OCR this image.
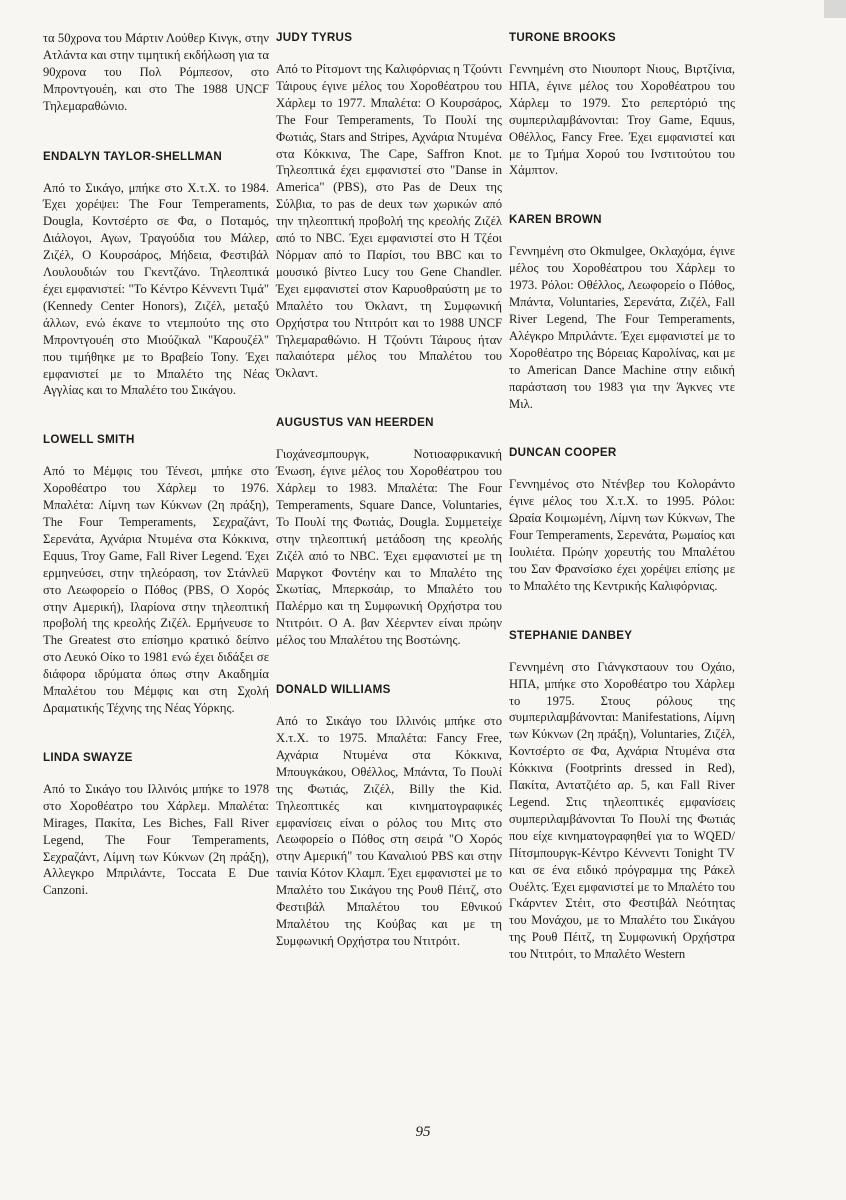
τα 50χρονα του Μάρτιν Λούθερ Κινγκ, στην Ατλάντα και στην τιμητική εκδήλωση για τα 90χρονα του Πολ Ρόμπεσον, στο Μπροντγουέη, και στο The 1988 UNCF Τηλεμαραθώνιο.

ENDALYN TAYLOR-SHELLMAN

Από το Σικάγο, μπήκε στο Χ.τ.Χ. το 1984. Έχει χορέψει: The Four Temperaments, Dougla, Κοντσέρτο σε Φα, ο Ποταμός, Διάλογοι, Αγων, Τραγούδια του Μάλερ, Ζιζέλ, Ο Κουρσάρος, Μήδεια, Φεστιβάλ Λουλουδιών του Γκεντζάνο. Τηλεοπτικά έχει εμφανιστεί: "Το Κέντρο Κέννεντι Τιμά" (Kennedy Center Honors), Ζιζέλ, μεταξύ άλλων, ενώ έκανε το ντεμπούτο της στο Μπροντγουέη στο Μιούζικαλ "Καρουζέλ" που τιμήθηκε με το Βραβείο Tony. Έχει εμφανιστεί με το Μπαλέτο της Νέας Αγγλίας και το Μπαλέτο του Σικάγου.

LOWELL SMITH

Από το Μέμφις του Τένεσι, μπήκε στο Χοροθέατρο του Χάρλεμ το 1976. Μπαλέτα: Λίμνη των Κύκνων (2η πράξη), The Four Temperaments, Σεχραζάντ, Σερενάτα, Αχνάρια Ντυμένα στα Κόκκινα, Equus, Troy Game, Fall River Legend. Έχει ερμηνεύσει, στην τηλεόραση, τον Στάνλεϋ στο Λεωφορείο ο Πόθος (PBS, Ο Χορός στην Αμερική), Ιλαρίονα στην τηλεοπτική προβολή της κρεολής Ζιζέλ. Ερμήνευσε το The Greatest στο επίσημο κρατικό δείπνο στο Λευκό Οίκο το 1981 ενώ έχει διδάξει σε διάφορα ιδρύματα όπως στην Ακαδημία Μπαλέτου του Μέμφις και στη Σχολή Δραματικής Τέχνης της Νέας Υόρκης.

LINDA SWAYZE

Από το Σικάγο του Ιλλινόις μπήκε το 1978 στο Χοροθέατρο του Χάρλεμ. Μπαλέτα: Mirages, Πακίτα, Les Biches, Fall River Legend, The Four Temperaments, Σεχραζάντ, Λίμνη των Κύκνων (2η πράξη), Αλλεγκρο Μπριλάντε, Toccata E Due Canzoni.

JUDY TYRUS

Από το Ρίτσμοντ της Καλιφόρνιας η Τζούντι Τάιρους έγινε μέλος του Χοροθέατρου του Χάρλεμ το 1977. Μπαλέτα: Ο Κουρσάρος, The Four Temperaments, Το Πουλί της Φωτιάς, Stars and Stripes, Αχνάρια Ντυμένα στα Κόκκινα, The Cape, Saffron Knot. Τηλεοπτικά έχει εμφανιστεί στο "Danse in America" (PBS), στο Pas de Deux της Σύλβια, το pas de deux των χωρικών από την τηλεοπτική προβολή της κρεολής Ζιζέλ από το NBC. Έχει εμφανιστεί στο Η Τζέοι Νόρμαν από το Παρίσι, του BBC και το μουσικό βίντεο Lucy του Gene Chandler. Έχει εμφανιστεί στον Καρυοθραύστη με το Μπαλέτο του Όκλαντ, τη Συμφωνική Ορχήστρα του Ντιτρόιτ και το 1988 UNCF Τηλεμαραθώνιο. Η Τζούντι Τάιρους ήταν παλαιότερα μέλος του Μπαλέτου του Όκλαντ.

AUGUSTUS VAN HEERDEN

Γιοχάνεσμπουργκ, Νοτιοαφρικανική Ένωση, έγινε μέλος του Χοροθέατρου του Χάρλεμ το 1983. Μπαλέτα: The Four Temperaments, Square Dance, Voluntaries, Το Πουλί της Φωτιάς, Dougla. Συμμετείχε στην τηλεοπτική μετάδοση της κρεολής Ζιζέλ από το NBC. Έχει εμφανιστεί με τη Μαργκοτ Φοντέην και το Μπαλέτο της Σκωτίας, Μπερκσάιρ, το Μπαλέτο του Παλέρμο και τη Συμφωνική Ορχήστρα του Ντιτρόιτ. Ο Α. βαν Χέερντεν είναι πρώην μέλος του Μπαλέτου της Βοστώνης.

DONALD WILLIAMS

Από το Σικάγο του Ιλλινόις μπήκε στο Χ.τ.Χ. το 1975. Μπαλέτα: Fancy Free, Αχνάρια Ντυμένα στα Κόκκινα, Μπουγκάκου, Οθέλλος, Μπάντα, Το Πουλί της Φωτιάς, Ζιζέλ, Billy the Kid. Τηλεοπτικές και κινηματογραφικές εμφανίσεις είναι ο ρόλος του Μιτς στο Λεωφορείο ο Πόθος στη σειρά "Ο Χορός στην Αμερική" του Καναλιού PBS και στην ταινία Κότον Κλαμπ. Έχει εμφανιστεί με το Μπαλέτο του Σικάγου της Ρουθ Πέιτζ, στο Φεστιβάλ Μπαλέτου του Εθνικού Μπαλέτου της Κούβας και με τη Συμφωνική Ορχήστρα του Ντιτρόιτ.

TURONE BROOKS

Γεννημένη στο Νιουπορτ Νιους, Βιρτζίνια, ΗΠΑ, έγινε μέλος του Χοροθέατρου του Χάρλεμ το 1979. Στο ρεπερτόριό της συμπεριλαμβάνονται: Troy Game, Equus, Οθέλλος, Fancy Free. Έχει εμφανιστεί και με το Τμήμα Χορού του Ινστιτούτου του Χάμπτον.

KAREN BROWN

Γεννημένη στο Okmulgee, Οκλαχόμα, έγινε μέλος του Χοροθέατρου του Χάρλεμ το 1973. Ρόλοι: Οθέλλος, Λεωφορείο ο Πόθος, Μπάντα, Voluntaries, Σερενάτα, Ζιζέλ, Fall River Legend, The Four Temperaments, Αλέγκρο Μπριλάντε. Έχει εμφανιστεί με το Χοροθέατρο της Βόρειας Καρολίνας, και με το American Dance Machine στην ειδική παράσταση του 1983 για την Άγκνες ντε Μιλ.

DUNCAN COOPER

Γεννημένος στο Ντένβερ του Κολοράντο έγινε μέλος του Χ.τ.Χ. το 1995. Ρόλοι: Ωραία Κοιμωμένη, Λίμνη των Κύκνων, The Four Temperaments, Σερενάτα, Ρωμαίος και Ιουλιέτα. Πρώην χορευτής του Μπαλέτου του Σαν Φρανσίσκο έχει χορέψει επίσης με το Μπαλέτο της Κεντρικής Καλιφόρνιας.

STEPHANIE DANBEY

Γεννημένη στο Γιάνγκσταουν του Οχάιο, ΗΠΑ, μπήκε στο Χοροθέατρο του Χάρλεμ το 1975. Στους ρόλους της συμπεριλαμβάνονται: Manifestations, Λίμνη των Κύκνων (2η πράξη), Voluntaries, Ζιζέλ, Κοντσέρτο σε Φα, Αχνάρια Ντυμένα στα Κόκκινα (Footprints dressed in Red), Πακίτα, Αντατζιέτο αρ. 5, και Fall River Legend. Στις τηλεοπτικές εμφανίσεις συμπεριλαμβάνονται Το Πουλί της Φωτιάς που είχε κινηματογραφηθεί για το WQED/Πίτσμπουργκ-Κέντρο Κέννεντι Tonight TV και σε ένα ειδικό πρόγραμμα της Ράκελ Ουέλτς. Έχει εμφανιστεί με το Μπαλέτο του Γκάρντεν Στέιτ, στο Φεστιβάλ Νεότητας του Μονάχου, με το Μπαλέτο του Σικάγου της Ρουθ Πέιτζ, τη Συμφωνική Ορχήστρα του Ντιτρόιτ, το Μπαλέτο Western

95
